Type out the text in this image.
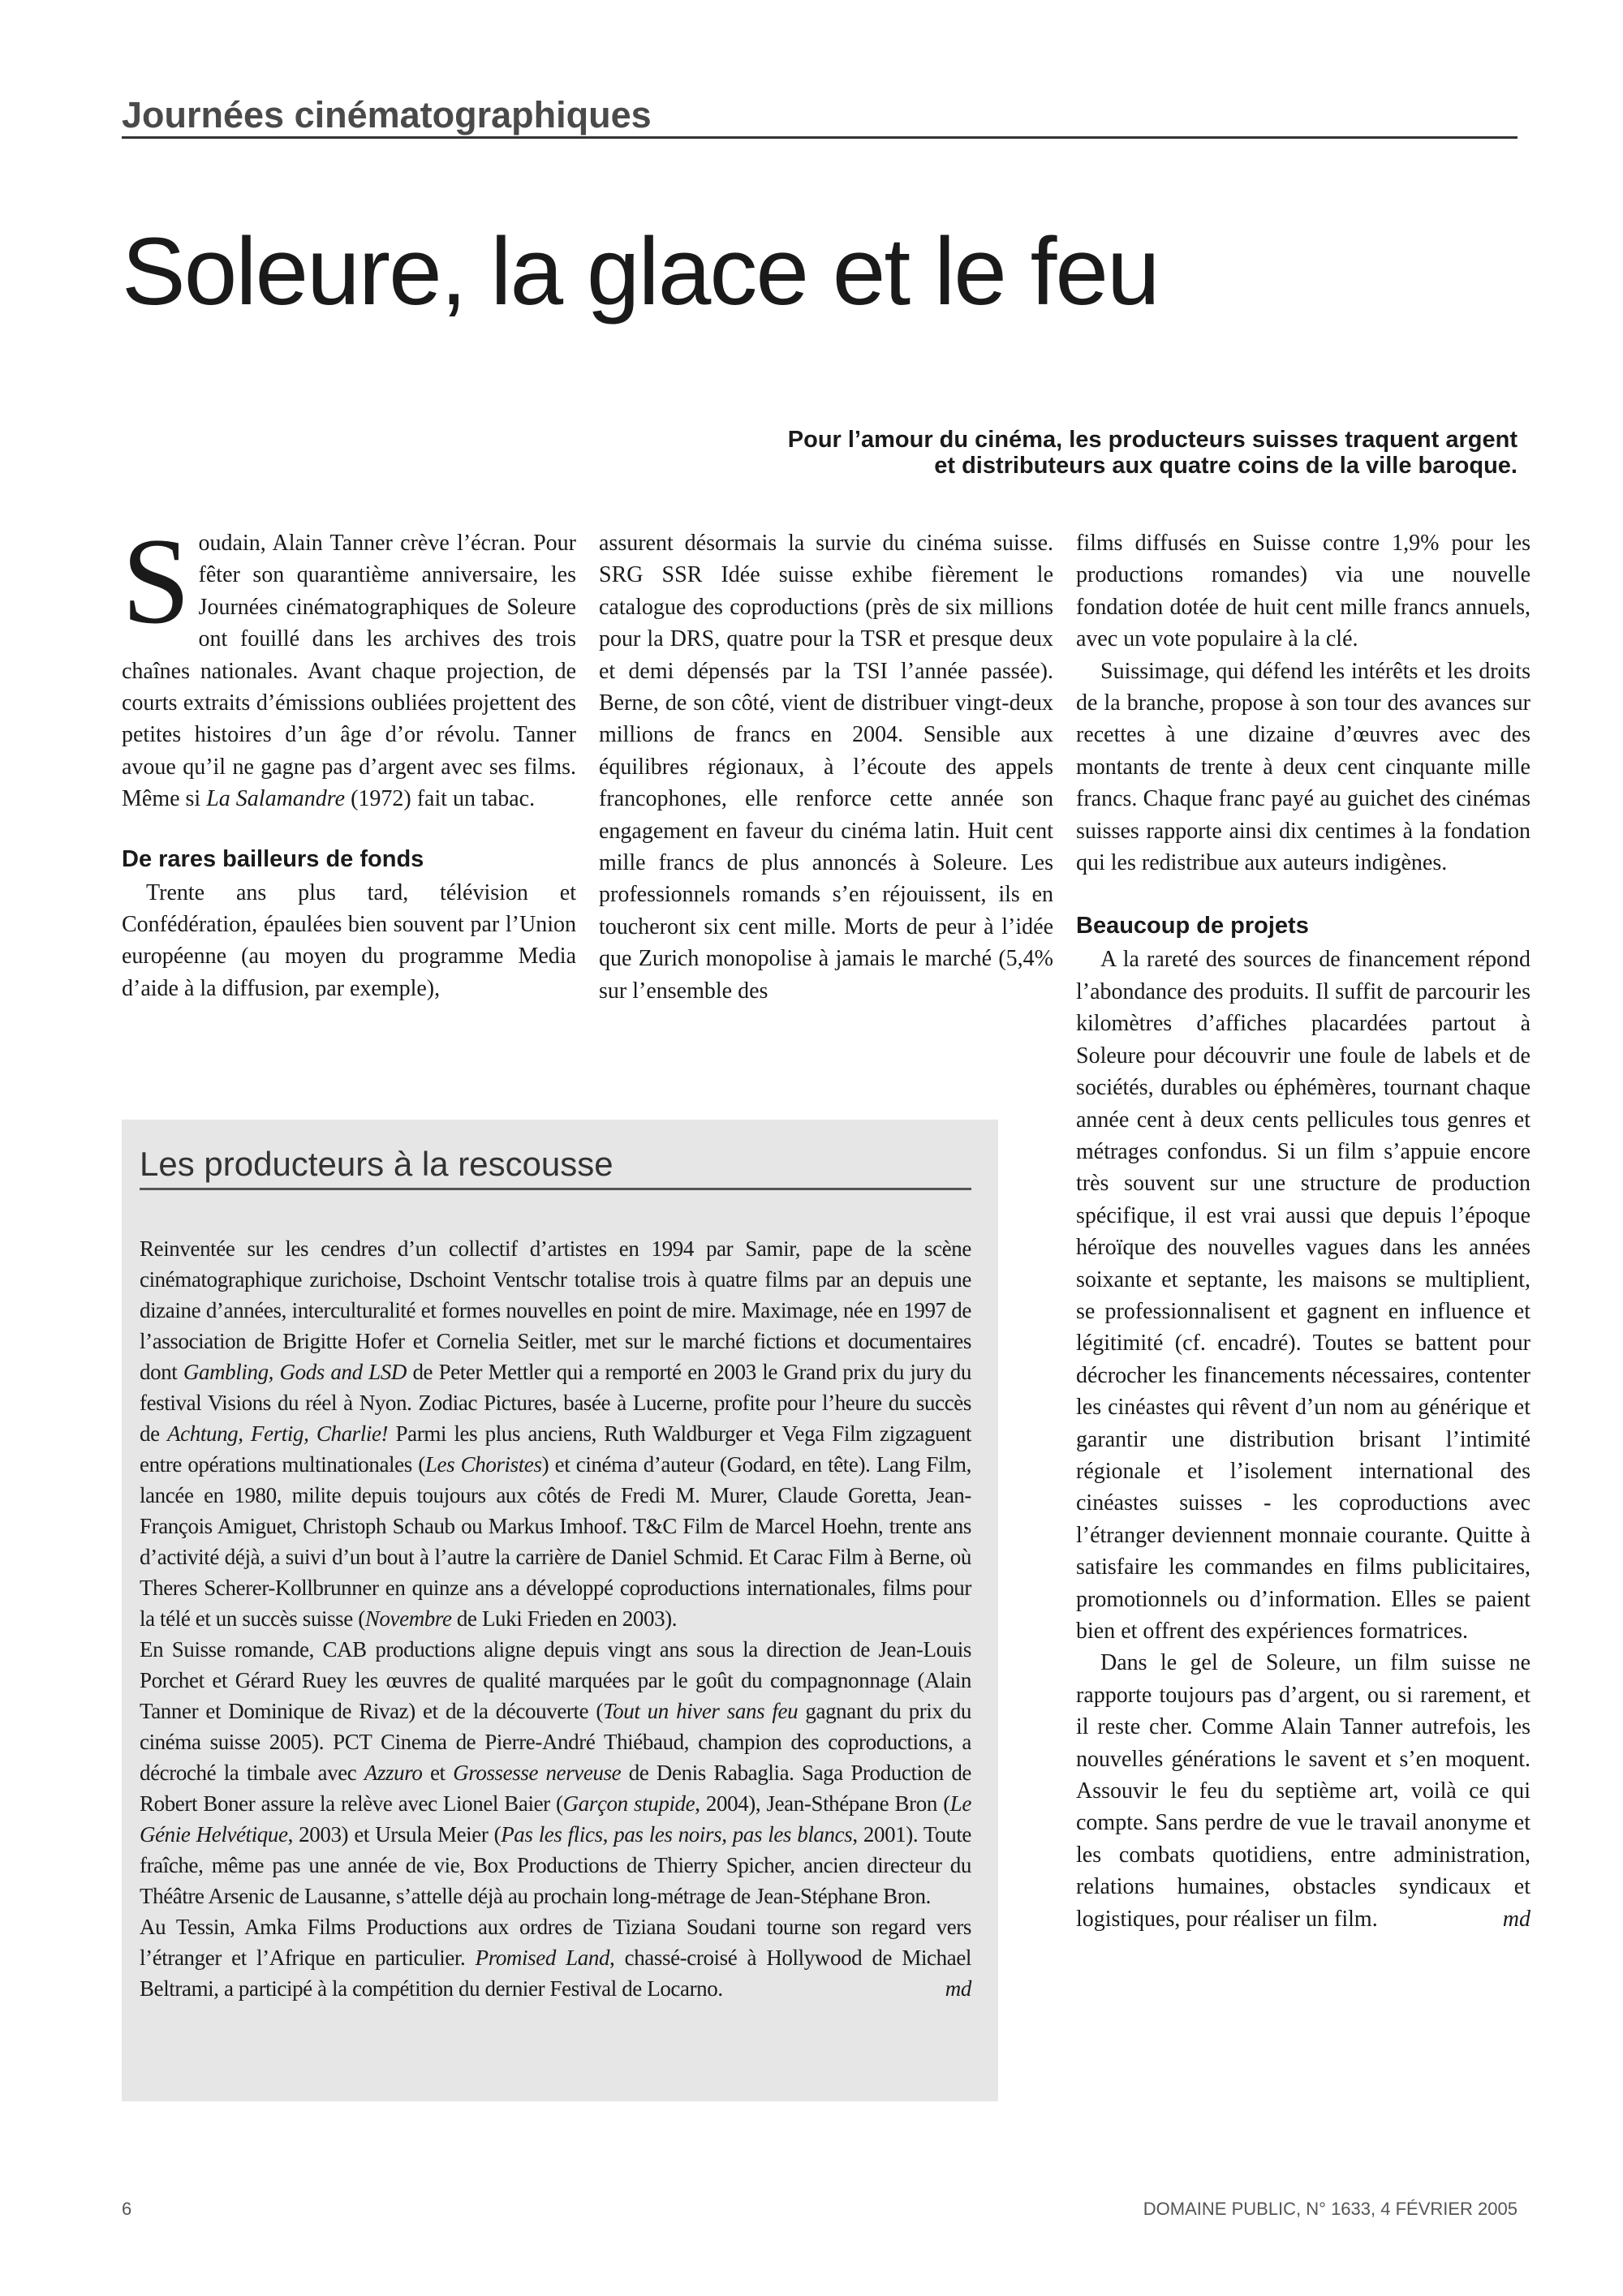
Journées cinématographiques
Soleure, la glace et le feu
Pour l’amour du cinéma, les producteurs suisses traquent argent
et distributeurs aux quatre coins de la ville baroque.

Soudain, Alain Tanner crève l’écran. Pour fêter son quarantième anniversaire, les Journées cinématographiques de Soleure ont fouillé dans les archives des trois chaînes nationales. Avant chaque projection, de courts extraits d’émissions oubliées projettent des petites histoires d’un âge d’or révolu. Tanner avoue qu’il ne gagne pas d’argent avec ses films. Même si La Salamandre (1972) fait un tabac.

De rares bailleurs de fonds

Trente ans plus tard, télévision et Confédération, épaulées bien souvent par l’Union européenne (au moyen du programme Media d’aide à la diffusion, par exemple),

assurent désormais la survie du cinéma suisse. SRG SSR Idée suisse exhibe fièrement le catalogue des coproductions (près de six millions pour la DRS, quatre pour la TSR et presque deux et demi dépensés par la TSI l’année passée). Berne, de son côté, vient de distribuer vingt-deux millions de francs en 2004. Sensible aux équilibres régionaux, à l’écoute des appels francophones, elle renforce cette année son engagement en faveur du cinéma latin. Huit cent mille francs de plus annoncés à Soleure. Les professionnels romands s’en réjouissent, ils en toucheront six cent mille. Morts de peur à l’idée que Zurich monopolise à jamais le marché (5,4% sur l’ensemble des

films diffusés en Suisse contre 1,9% pour les productions romandes) via une nouvelle fondation dotée de huit cent mille francs annuels, avec un vote populaire à la clé.

Suissimage, qui défend les intérêts et les droits de la branche, propose à son tour des avances sur recettes à une dizaine d’œuvres avec des montants de trente à deux cent cinquante mille francs. Chaque franc payé au guichet des cinémas suisses rapporte ainsi dix centimes à la fondation qui les redistribue aux auteurs indigènes.

Beaucoup de projets

A la rareté des sources de financement répond l’abondance des produits. Il suffit de parcourir les kilomètres d’affiches placardées partout à Soleure pour découvrir une foule de labels et de sociétés, durables ou éphémères, tournant chaque année cent à deux cents pellicules tous genres et métrages confondus. Si un film s’appuie encore très souvent sur une structure de production spécifique, il est vrai aussi que depuis l’époque héroïque des nouvelles vagues dans les années soixante et septante, les maisons se multiplient, se professionnalisent et gagnent en influence et légitimité (cf. encadré). Toutes se battent pour décrocher les financements nécessaires, contenter les cinéastes qui rêvent d’un nom au générique et garantir une distribution brisant l’intimité régionale et l’isolement international des cinéastes suisses - les coproductions avec l’étranger deviennent monnaie courante. Quitte à satisfaire les commandes en films publicitaires, promotionnels ou d’information. Elles se paient bien et offrent des expériences formatrices.

Dans le gel de Soleure, un film suisse ne rapporte toujours pas d’argent, ou si rarement, et il reste cher. Comme Alain Tanner autrefois, les nouvelles générations le savent et s’en moquent. Assouvir le feu du septième art, voilà ce qui compte. Sans perdre de vue le travail anonyme et les combats quotidiens, entre administration, relations humaines, obstacles syndicaux et logistiques, pour réaliser un film.	md

Les producteurs à la rescousse

Reinventée sur les cendres d’un collectif d’artistes en 1994 par Samir, pape de la scène cinématographique zurichoise, Dschoint Ventschr totalise trois à quatre films par an depuis une dizaine d’années, interculturalité et formes nouvelles en point de mire. Maximage, née en 1997 de l’association de Brigitte Hofer et Cornelia Seitler, met sur le marché fictions et documentaires dont Gambling, Gods and LSD de Peter Mettler qui a remporté en 2003 le Grand prix du jury du festival Visions du réel à Nyon. Zodiac Pictures, basée à Lucerne, profite pour l’heure du succès de Achtung, Fertig, Charlie! Parmi les plus anciens, Ruth Waldburger et Vega Film zigzaguent entre opérations multinationales (Les Choristes) et cinéma d’auteur (Godard, en tête). Lang Film, lancée en 1980, milite depuis toujours aux côtés de Fredi M. Murer, Claude Goretta, Jean- François Amiguet, Christoph Schaub ou Markus Imhoof. T&C Film de Marcel Hoehn, trente ans d’activité déjà, a suivi d’un bout à l’autre la carrière de Daniel Schmid. Et Carac Film à Berne, où Theres Scherer-Kollbrunner en quinze ans a développé coproductions internationales, films pour la télé et un succès suisse (Novembre de Luki Frieden en 2003).

En Suisse romande, CAB productions aligne depuis vingt ans sous la direction de Jean-Louis Porchet et Gérard Ruey les œuvres de qualité marquées par le goût du compagnonnage (Alain Tanner et Dominique de Rivaz) et de la découverte (Tout un hiver sans feu gagnant du prix du cinéma suisse 2005). PCT Cinema de Pierre-André Thiébaud, champion des coproductions, a décroché la timbale avec Azzuro et Grossesse nerveuse de Denis Rabaglia. Saga Production de Robert Boner assure la relève avec Lionel Baier (Garçon stupide, 2004), Jean-Sthépane Bron (Le Génie Helvétique, 2003) et Ursula Meier (Pas les flics, pas les noirs, pas les blancs, 2001). Toute fraîche, même pas une année de vie, Box Productions de Thierry Spicher, ancien directeur du Théâtre Arsenic de Lausanne, s’attelle déjà au prochain long-métrage de Jean-Stéphane Bron.

Au Tessin, Amka Films Productions aux ordres de Tiziana Soudani tourne son regard vers l’étranger et l’Afrique en particulier. Promised Land, chassé-croisé à Hollywood de Michael Beltrami, a participé à la compétition du dernier Festival de Locarno.	md

6	DOMAINE PUBLIC, N° 1633, 4 FÉVRIER 2005
